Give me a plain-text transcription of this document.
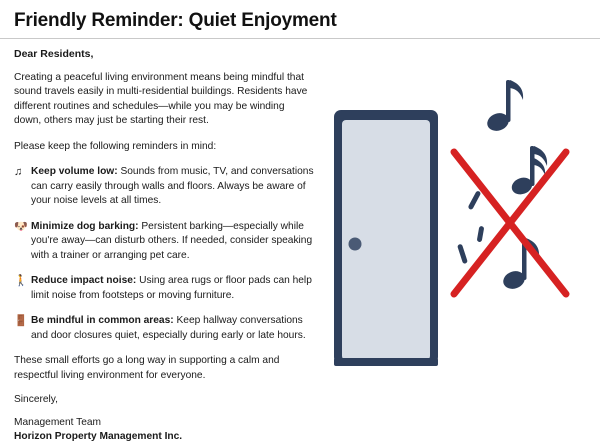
Friendly Reminder: Quiet Enjoyment
Dear Residents,
Creating a peaceful living environment means being mindful that sound travels easily in multi-residential buildings. Residents have different routines and schedules—while you may be winding down, others may just be starting their rest.
Please keep the following reminders in mind:
♫ Keep volume low: Sounds from music, TV, and conversations can carry easily through walls and floors. Always be aware of your noise levels at all times.
🐶 Minimize dog barking: Persistent barking—especially while you're away—can disturb others. If needed, consider speaking with a trainer or arranging pet care.
🚶 Reduce impact noise: Using area rugs or floor pads can help limit noise from footsteps or moving furniture.
🚪 Be mindful in common areas: Keep hallway conversations and door closures quiet, especially during early or late hours.
These small efforts go a long way in supporting a calm and respectful living environment for everyone.
Sincerely,
Management Team
Horizon Property Management Inc.
